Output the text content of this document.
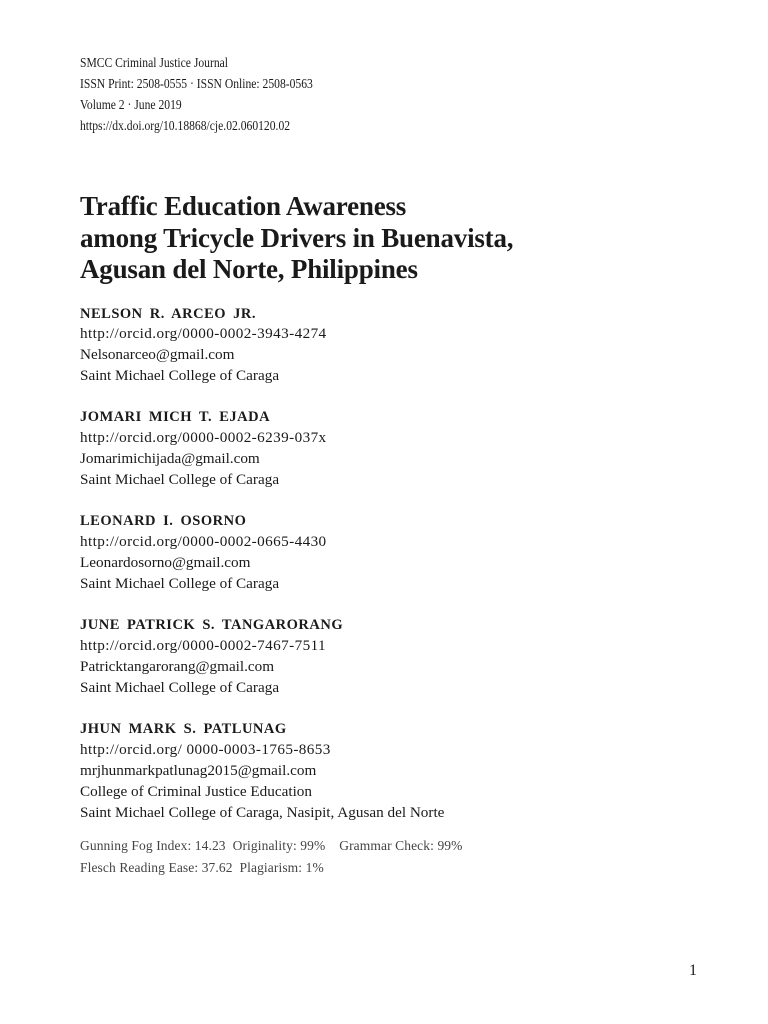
SMCC Criminal Justice Journal
ISSN Print: 2508-0555 · ISSN Online: 2508-0563
Volume 2 · June 2019
https://dx.doi.org/10.18868/cje.02.060120.02
Traffic Education Awareness
among Tricycle Drivers in Buenavista,
Agusan del Norte, Philippines
NELSON R. ARCEO JR.
http://orcid.org/0000-0002-3943-4274
Nelsonarceo@gmail.com
Saint Michael College of Caraga
JOMARI MICH T. EJADA
http://orcid.org/0000-0002-6239-037x
Jomarimichijada@gmail.com
Saint Michael College of Caraga
LEONARD I. OSORNO
http://orcid.org/0000-0002-0665-4430
Leonardosorno@gmail.com
Saint Michael College of Caraga
JUNE PATRICK S. TANGARORANG
http://orcid.org/0000-0002-7467-7511
Patricktangarorang@gmail.com
Saint Michael College of Caraga
JHUN MARK S. PATLUNAG
http://orcid.org/ 0000-0003-1765-8653
mrjhunmarkpatlunag2015@gmail.com
College of Criminal Justice Education
Saint Michael College of Caraga, Nasipit, Agusan del Norte
Gunning Fog Index: 14.23 Originality: 99% Grammar Check: 99%
Flesch Reading Ease: 37.62 Plagiarism: 1%
1
